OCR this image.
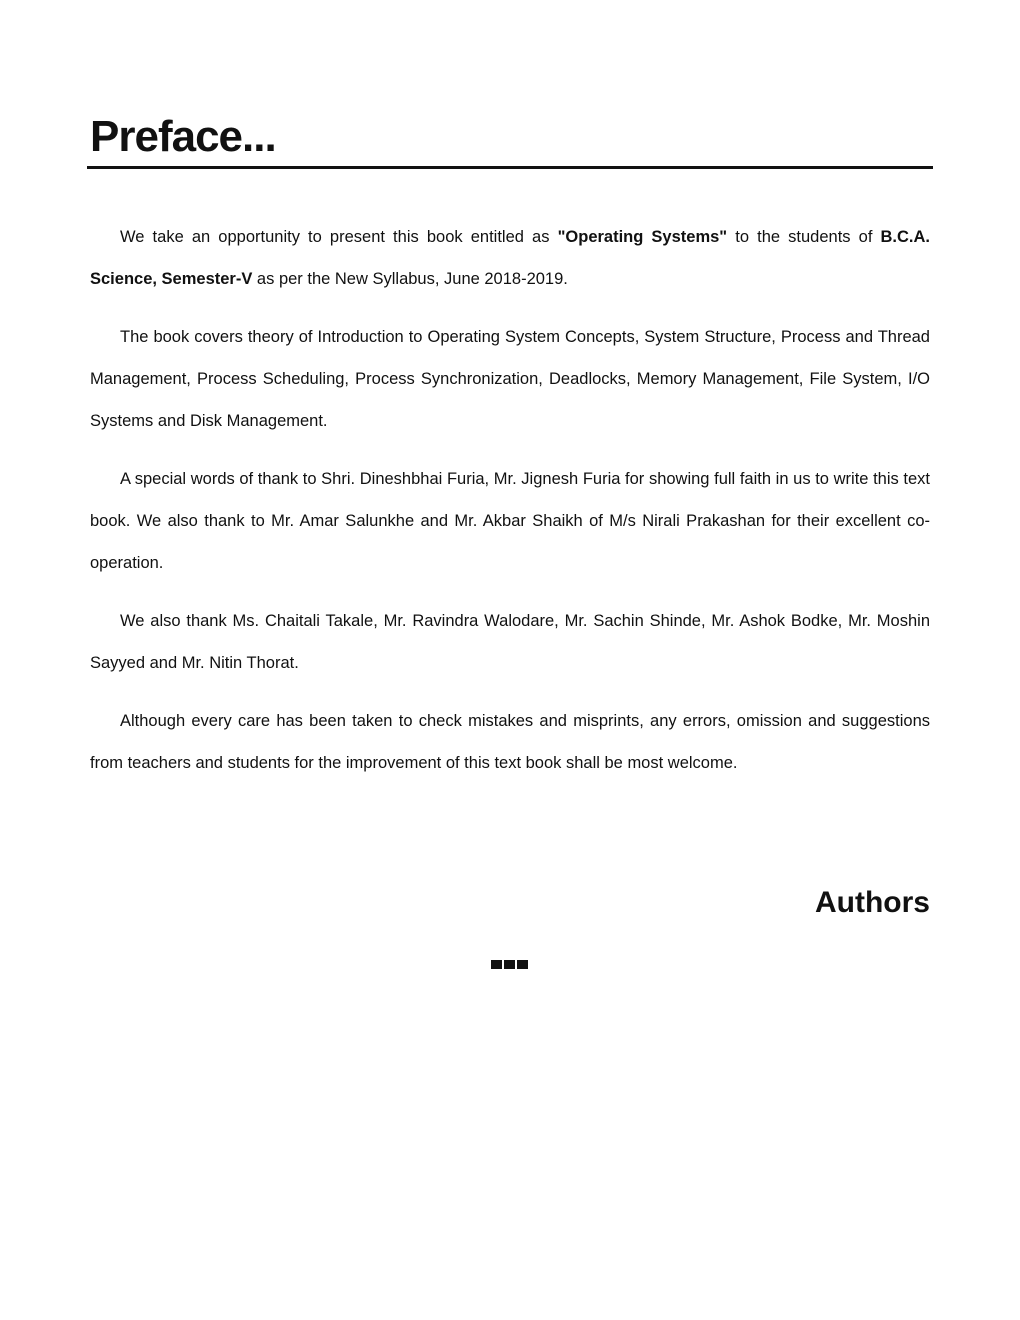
Preface...

We take an opportunity to present this book entitled as "Operating Systems" to the students of B.C.A. Science, Semester-V as per the New Syllabus, June 2018-2019.

The book covers theory of Introduction to Operating System Concepts, System Structure, Process and Thread Management, Process Scheduling, Process Synchronization, Deadlocks, Memory Management, File System, I/O Systems and Disk Management.

A special words of thank to Shri. Dineshbhai Furia, Mr. Jignesh Furia for showing full faith in us to write this text book. We also thank to Mr. Amar Salunkhe and Mr. Akbar Shaikh of M/s Nirali Prakashan for their excellent co-operation.

We also thank Ms. Chaitali Takale, Mr. Ravindra Walodare, Mr. Sachin Shinde, Mr. Ashok Bodke, Mr. Moshin Sayyed and Mr. Nitin Thorat.

Although every care has been taken to check mistakes and misprints, any errors, omission and suggestions from teachers and students for the improvement of this text book shall be most welcome.

Authors
